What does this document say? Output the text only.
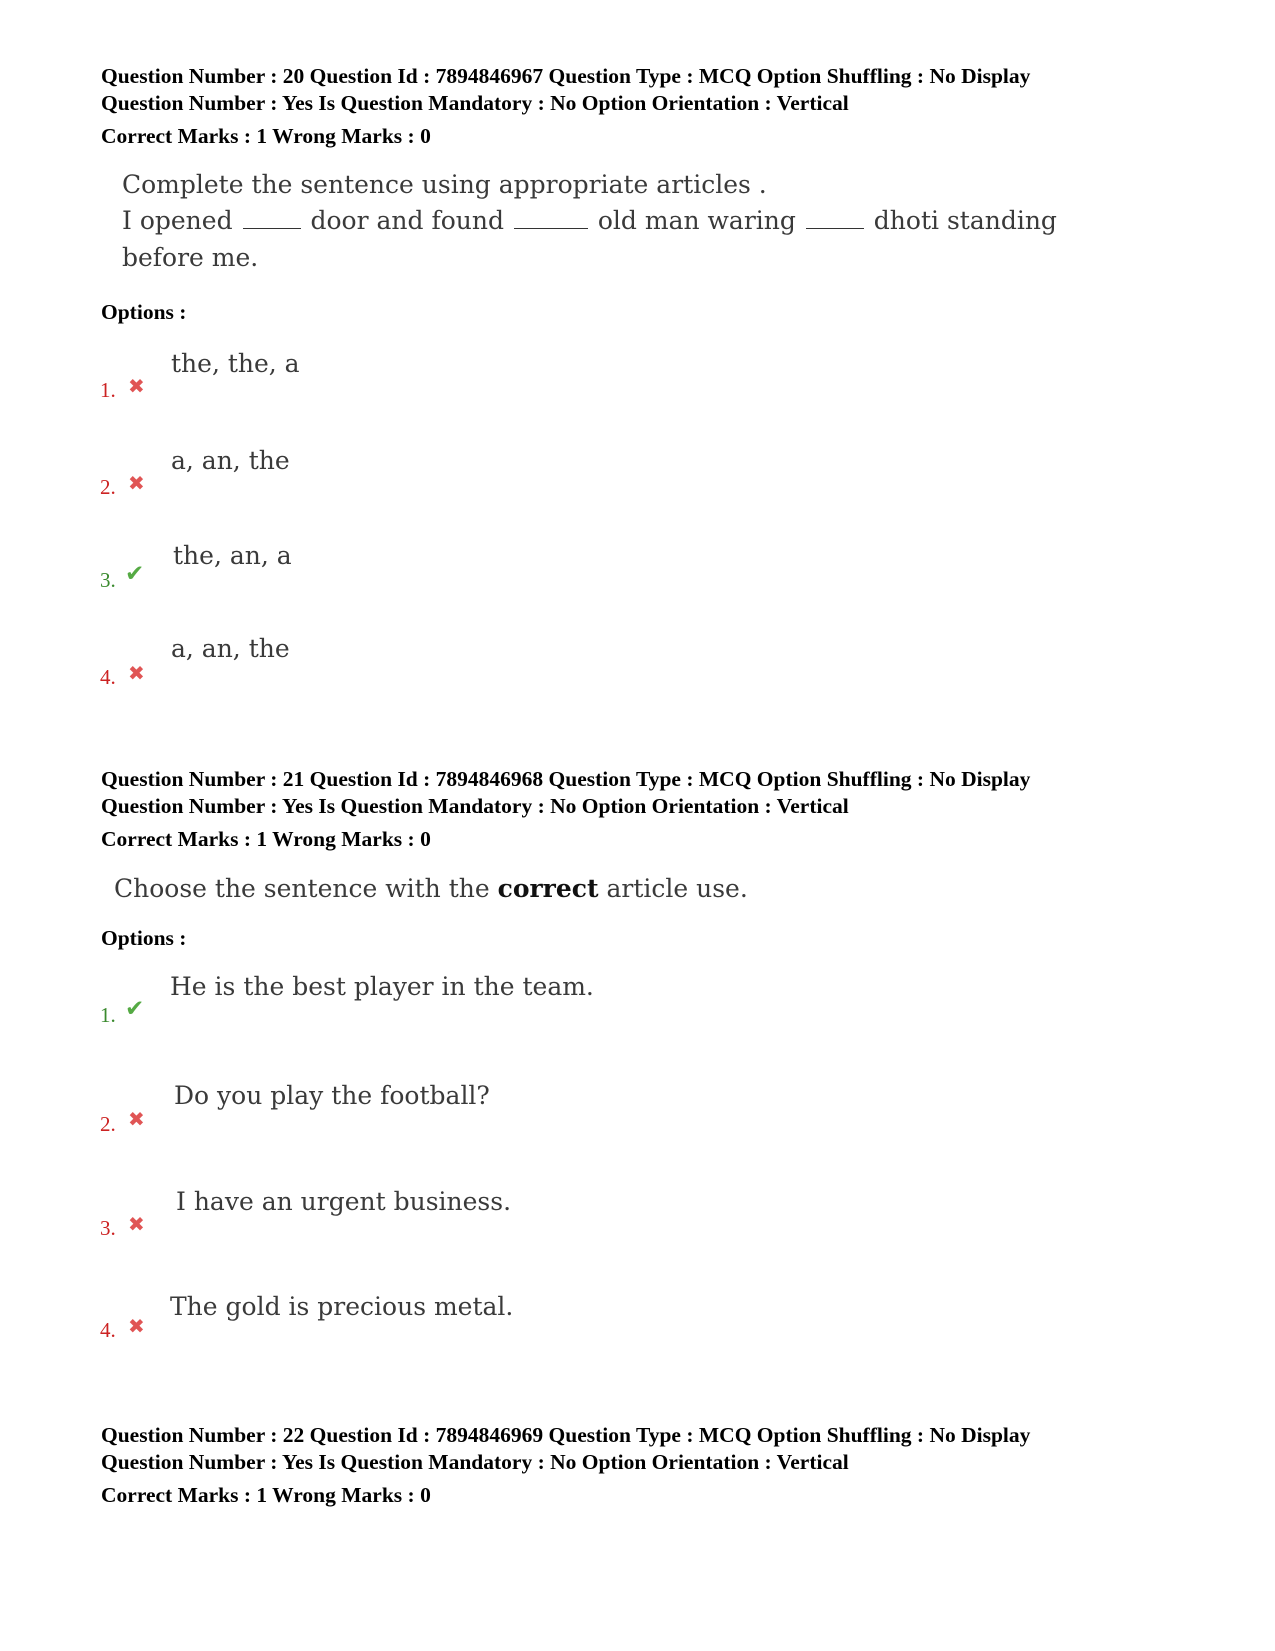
Question Number : 20 Question Id : 7894846967 Question Type : MCQ Option Shuffling : No Display
Question Number : Yes Is Question Mandatory : No Option Orientation : Vertical
Correct Marks : 1 Wrong Marks : 0
Complete the sentence using appropriate articles .
I opened	door and found	old man waring	dhoti standing
before me.
Options :
1. ✖
the, the, a
2. ✖
a, an, the
3. ✔
the, an, a
4. ✖
a, an, the
Question Number : 21 Question Id : 7894846968 Question Type : MCQ Option Shuffling : No Display
Question Number : Yes Is Question Mandatory : No Option Orientation : Vertical
Correct Marks : 1 Wrong Marks : 0
Choose the sentence with the correct article use.
Options :
1. ✔
He is the best player in the team.
2. ✖
Do you play the football?
3. ✖
I have an urgent business.
4. ✖
The gold is precious metal.
Question Number : 22 Question Id : 7894846969 Question Type : MCQ Option Shuffling : No Display
Question Number : Yes Is Question Mandatory : No Option Orientation : Vertical
Correct Marks : 1 Wrong Marks : 0
